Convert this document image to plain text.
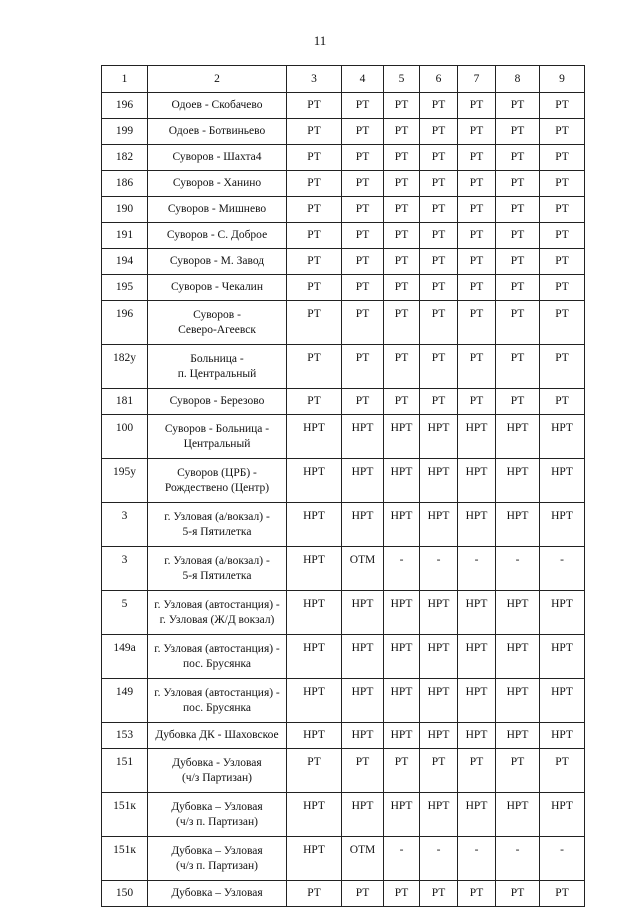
11
1	2	3	4	5	6	7	8	9
196	Одоев - Скобачево	РТ	РТ	РТ	РТ	РТ	РТ	РТ
199	Одоев - Ботвиньево	РТ	РТ	РТ	РТ	РТ	РТ	РТ
182	Суворов - Шахта4	РТ	РТ	РТ	РТ	РТ	РТ	РТ
186	Суворов - Ханино	РТ	РТ	РТ	РТ	РТ	РТ	РТ
190	Суворов - Мишнево	РТ	РТ	РТ	РТ	РТ	РТ	РТ
191	Суворов - С. Доброе	РТ	РТ	РТ	РТ	РТ	РТ	РТ
194	Суворов - М. Завод	РТ	РТ	РТ	РТ	РТ	РТ	РТ
195	Суворов - Чекалин	РТ	РТ	РТ	РТ	РТ	РТ	РТ
196	Суворов -
Северо-Агеевск	РТ	РТ	РТ	РТ	РТ	РТ	РТ
182у	Больница -
п. Центральный	РТ	РТ	РТ	РТ	РТ	РТ	РТ
181	Суворов - Березово	РТ	РТ	РТ	РТ	РТ	РТ	РТ
100	Суворов - Больница -
Центральный	НРТ	НРТ	НРТ	НРТ	НРТ	НРТ	НРТ
195у	Суворов (ЦРБ) -
Рождествено (Центр)	НРТ	НРТ	НРТ	НРТ	НРТ	НРТ	НРТ
3	г. Узловая (а/вокзал) -
5-я Пятилетка	НРТ	НРТ	НРТ	НРТ	НРТ	НРТ	НРТ
3	г. Узловая (а/вокзал) -
5-я Пятилетка	НРТ	ОТМ	-	-	-	-	-
5	г. Узловая (автостанция) -
г. Узловая (Ж/Д вокзал)	НРТ	НРТ	НРТ	НРТ	НРТ	НРТ	НРТ
149а	г. Узловая (автостанция) -
пос. Брусянка	НРТ	НРТ	НРТ	НРТ	НРТ	НРТ	НРТ
149	г. Узловая (автостанция) -
пос. Брусянка	НРТ	НРТ	НРТ	НРТ	НРТ	НРТ	НРТ
153	Дубовка ДК - Шаховское	НРТ	НРТ	НРТ	НРТ	НРТ	НРТ	НРТ
151	Дубовка - Узловая
(ч/з Партизан)	РТ	РТ	РТ	РТ	РТ	РТ	РТ
151к	Дубовка – Узловая
(ч/з п. Партизан)	НРТ	НРТ	НРТ	НРТ	НРТ	НРТ	НРТ
151к	Дубовка – Узловая
(ч/з п. Партизан)	НРТ	ОТМ	-	-	-	-	-
150	Дубовка – Узловая	РТ	РТ	РТ	РТ	РТ	РТ	РТ
